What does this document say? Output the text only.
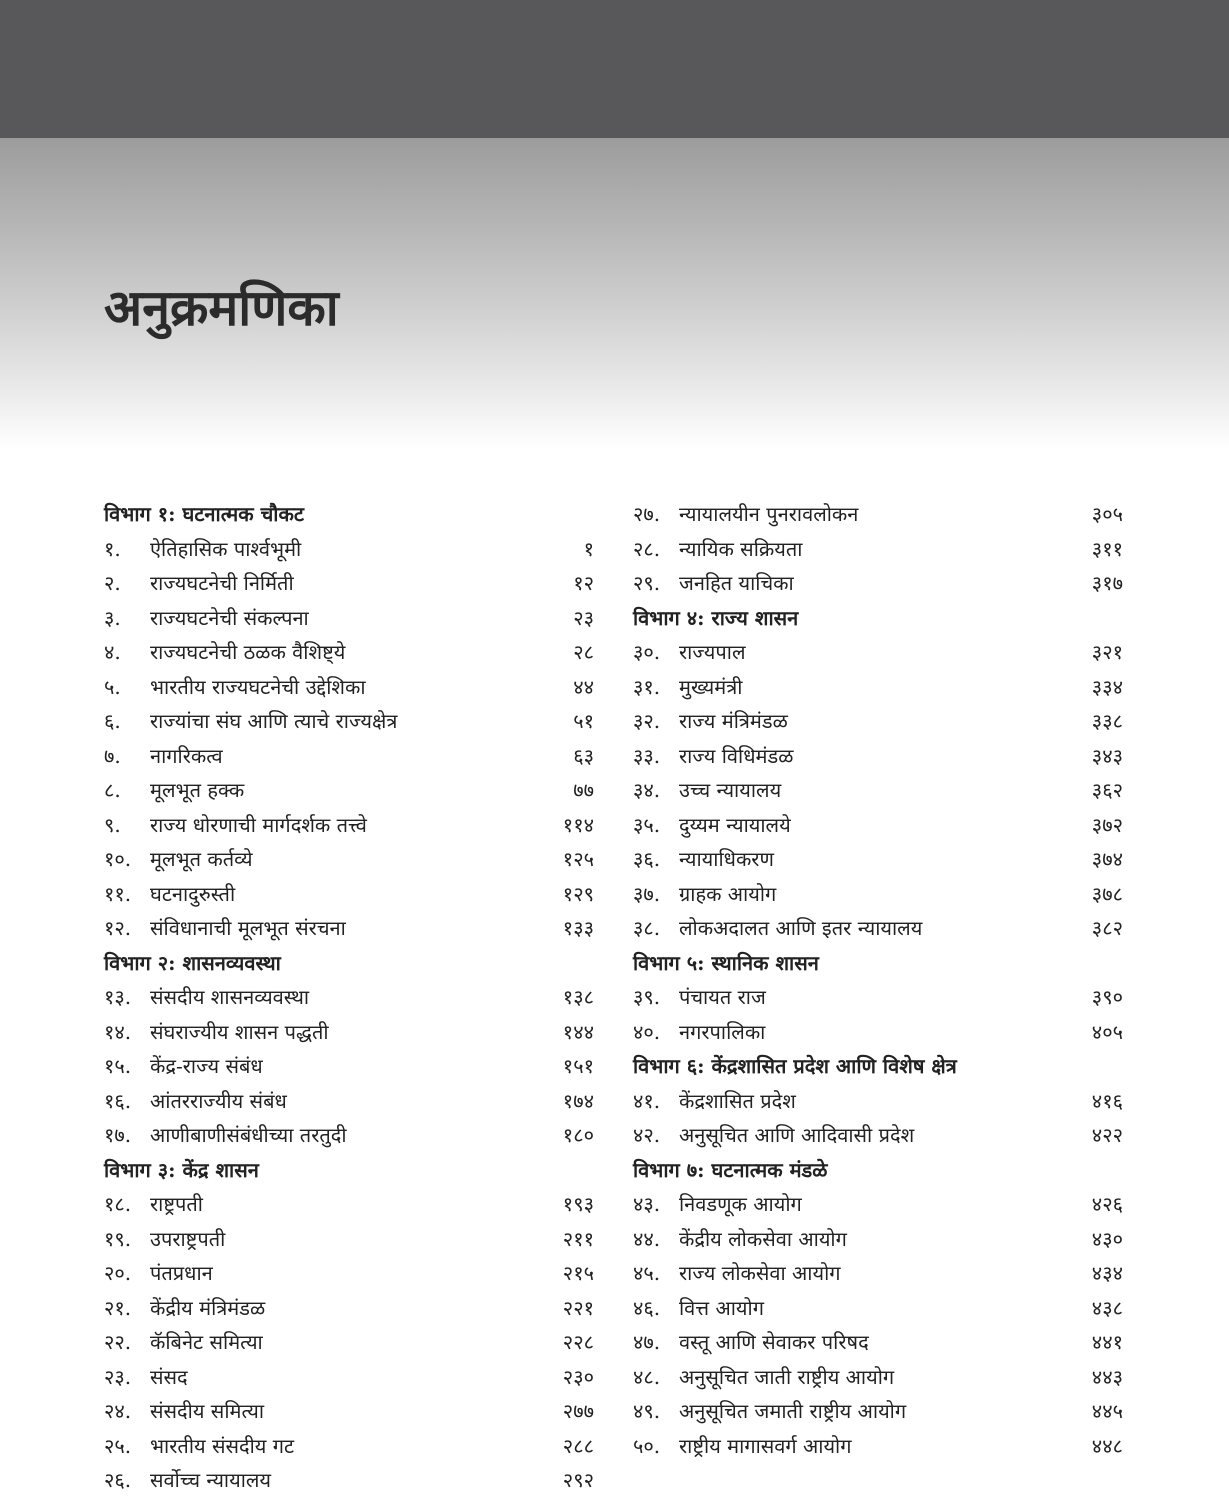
अनुक्रमणिका
विभाग १: घटनात्मक चौकट
१.	ऐतिहासिक पार्श्वभूमी	१
२.	राज्यघटनेची निर्मिती	१२
३.	राज्यघटनेची संकल्पना	२३
४.	राज्यघटनेची ठळक वैशिष्ट्ये	२८
५.	भारतीय राज्यघटनेची उद्देशिका	४४
६.	राज्यांचा संघ आणि त्याचे राज्यक्षेत्र	५१
७.	नागरिकत्व	६३
८.	मूलभूत हक्क	७७
९.	राज्य धोरणाची मार्गदर्शक तत्त्वे	११४
१०. मूलभूत कर्तव्ये	१२५
११. घटनादुरुस्ती	१२९
१२. संविधानाची मूलभूत संरचना	१३३
विभाग २: शासनव्यवस्था
१३. संसदीय शासनव्यवस्था	१३८
१४. संघराज्यीय शासन पद्धती	१४४
१५. केंद्र-राज्य संबंध	१५१
१६. आंतरराज्यीय संबंध	१७४
१७. आणीबाणीसंबंधीच्या तरतुदी	१८०
विभाग ३: केंद्र शासन
१८. राष्ट्रपती	१९३
१९. उपराष्ट्रपती	२११
२०. पंतप्रधान	२१५
२१. केंद्रीय मंत्रिमंडळ	२२१
२२. कॅबिनेट समित्या	२२८
२३. संसद	२३०
२४. संसदीय समित्या	२७७
२५. भारतीय संसदीय गट	२८८
२६. सर्वोच्च न्यायालय	२९२
२७. न्यायालयीन पुनरावलोकन	३०५
२८. न्यायिक सक्रियता	३११
२९. जनहित याचिका	३१७
विभाग ४: राज्य शासन
३०. राज्यपाल	३२१
३१. मुख्यमंत्री	३३४
३२. राज्य मंत्रिमंडळ	३३८
३३. राज्य विधिमंडळ	३४३
३४. उच्च न्यायालय	३६२
३५. दुय्यम न्यायालये	३७२
३६. न्यायाधिकरण	३७४
३७. ग्राहक आयोग	३७८
३८. लोकअदालत आणि इतर न्यायालय	३८२
विभाग ५: स्थानिक शासन
३९. पंचायत राज	३९०
४०. नगरपालिका	४०५
विभाग ६: केंद्रशासित प्रदेश आणि विशेष क्षेत्र
४१. केंद्रशासित प्रदेश	४१६
४२. अनुसूचित आणि आदिवासी प्रदेश	४२२
विभाग ७: घटनात्मक मंडळे
४३. निवडणूक आयोग	४२६
४४. केंद्रीय लोकसेवा आयोग	४३०
४५. राज्य लोकसेवा आयोग	४३४
४६. वित्त आयोग	४३८
४७. वस्तू आणि सेवाकर परिषद	४४१
४८. अनुसूचित जाती राष्ट्रीय आयोग	४४३
४९. अनुसूचित जमाती राष्ट्रीय आयोग	४४५
५०. राष्ट्रीय मागासवर्ग आयोग	४४८
